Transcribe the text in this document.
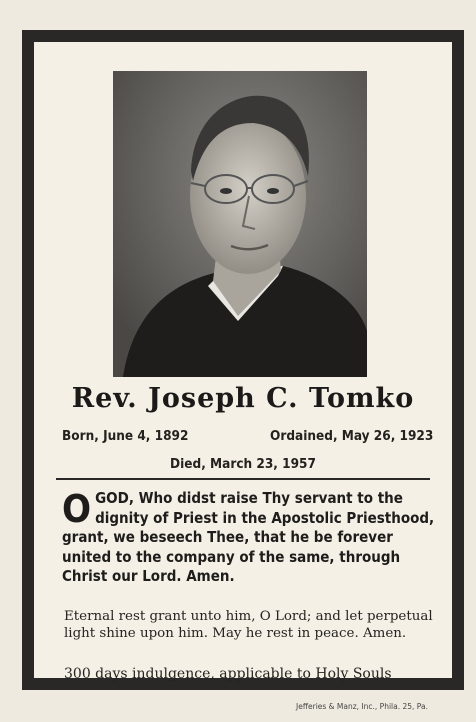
Rev. Joseph C. Tomko
Born, June 4, 1892	Ordained, May 26, 1923
Died, March 23, 1957
O GOD, Who didst raise Thy servant to the dignity of Priest in the Apostolic Priesthood, grant, we beseech Thee, that he be forever united to the company of the same, through Christ our Lord. Amen.
Eternal rest grant unto him, O Lord; and let perpetual light shine upon him. May he rest in peace. Amen.
300 days indulgence, applicable to Holy Souls
Jefferies & Manz, Inc., Phila. 25, Pa.
